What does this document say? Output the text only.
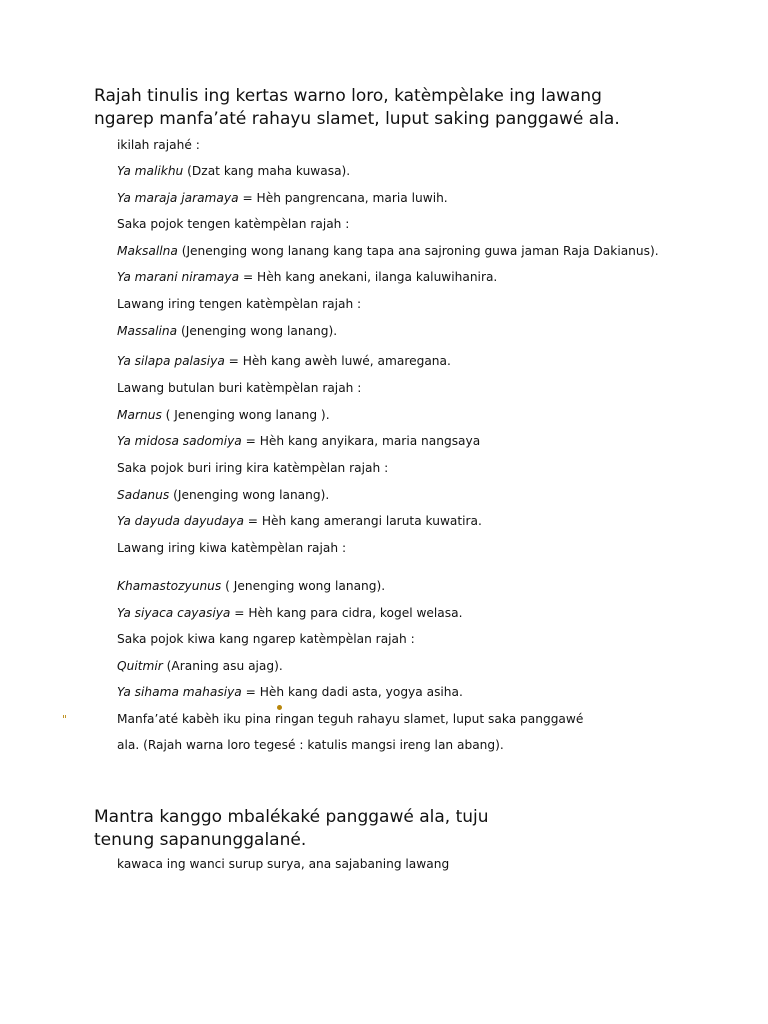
Rajah tinulis ing kertas warno loro, katèmpèlake ing lawang
ngarep manfa’até rahayu slamet, luput saking panggawé ala.
ikilah rajahé :
Ya malikhu (Dzat kang maha kuwasa).
Ya maraja jaramaya = Hèh pangrencana, maria luwih.
Saka pojok tengen katèmpèlan rajah :
Maksallna (Jenenging wong lanang kang tapa ana sajroning guwa jaman Raja Dakianus).
Ya marani niramaya = Hèh kang anekani, ilanga kaluwihanira.
Lawang iring tengen katèmpèlan rajah :
Massalina (Jenenging wong lanang).
Ya silapa palasiya = Hèh kang awèh luwé, amaregana.
Lawang butulan buri katèmpèlan rajah :
Marnus ( Jenenging wong lanang ).
Ya midosa sadomiya = Hèh kang anyikara, maria nangsaya
Saka pojok buri iring kira katèmpèlan rajah :
Sadanus (Jenenging wong lanang).
Ya dayuda dayudaya = Hèh kang amerangi laruta kuwatira.
Lawang iring kiwa katèmpèlan rajah :
Khamastozyunus ( Jenenging wong lanang).
Ya siyaca cayasiya = Hèh kang para cidra, kogel welasa.
Saka pojok kiwa kang ngarep katèmpèlan rajah :
Quitmir (Araning asu ajag).
Ya sihama mahasiya = Hèh kang dadi asta, yogya asiha.
"	Manfa’até kabèh iku pina ringan teguh rahayu slamet, luput saka panggawé
ala. (Rajah warna loro tegesé : katulis mangsi ireng lan abang).
Mantra kanggo mbalékaké panggawé ala, tuju
tenung sapanunggalané.
kawaca ing wanci surup surya, ana sajabaning lawang
